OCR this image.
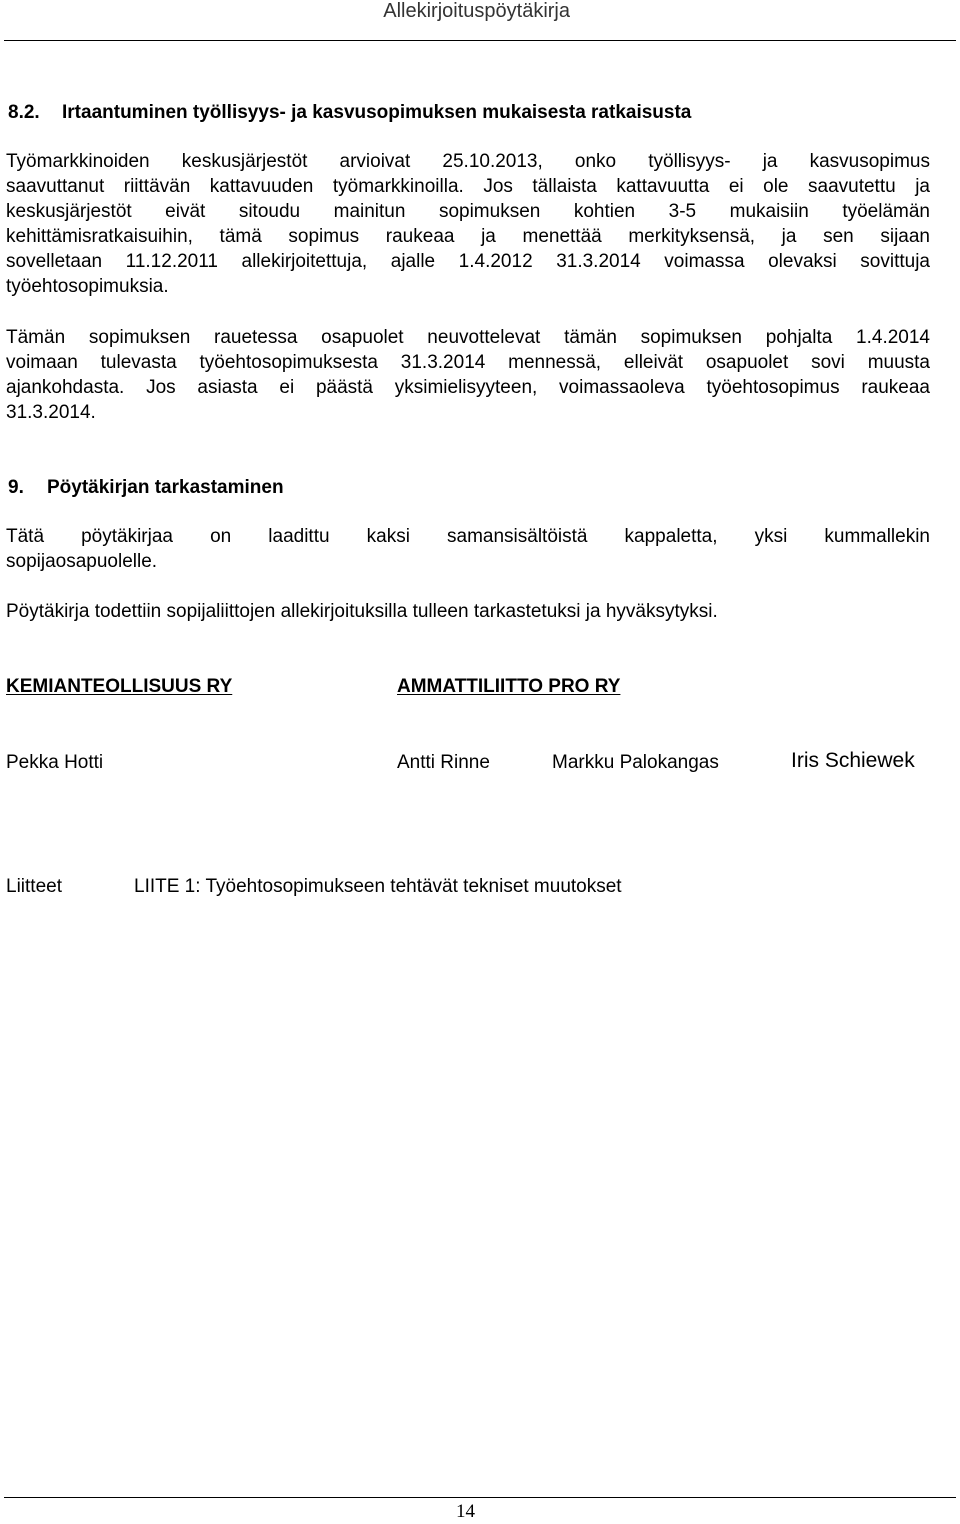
Allekirjoituspöytäkirja
8.2. Irtaantuminen työllisyys- ja kasvusopimuksen mukaisesta ratkaisusta
Työmarkkinoiden keskusjärjestöt arvioivat 25.10.2013, onko työllisyys- ja kasvusopimus
saavuttanut riittävän kattavuuden työmarkkinoilla. Jos tällaista kattavuutta ei ole saavutettu ja
keskusjärjestöt eivät sitoudu mainitun sopimuksen kohtien 3-5 mukaisiin työelämän
kehittämisratkaisuihin, tämä sopimus raukeaa ja menettää merkityksensä, ja sen sijaan
sovelletaan 11.12.2011 allekirjoitettuja, ajalle 1.4.2012 31.3.2014 voimassa olevaksi sovittuja
työehtosopimuksia.
Tämän sopimuksen rauetessa osapuolet neuvottelevat tämän sopimuksen pohjalta 1.4.2014
voimaan tulevasta työehtosopimuksesta 31.3.2014 mennessä, elleivät osapuolet sovi muusta
ajankohdasta. Jos asiasta ei päästä yksimielisyyteen, voimassaoleva työehtosopimus raukeaa
31.3.2014.
9. Pöytäkirjan tarkastaminen
Tätä pöytäkirjaa on laadittu kaksi samansisältöistä kappaletta, yksi kummallekin
sopijaosapuolelle.
Pöytäkirja todettiin sopijaliittojen allekirjoituksilla tulleen tarkastetuksi ja hyväksytyksi.
KEMIANTEOLLISUUS RY	AMMATTILIITTO PRO RY
Pekka Hotti	Antti Rinne	Markku Palokangas	Iris Schiewek
Liitteet	LIITE 1: Työehtosopimukseen tehtävät tekniset muutokset
14
